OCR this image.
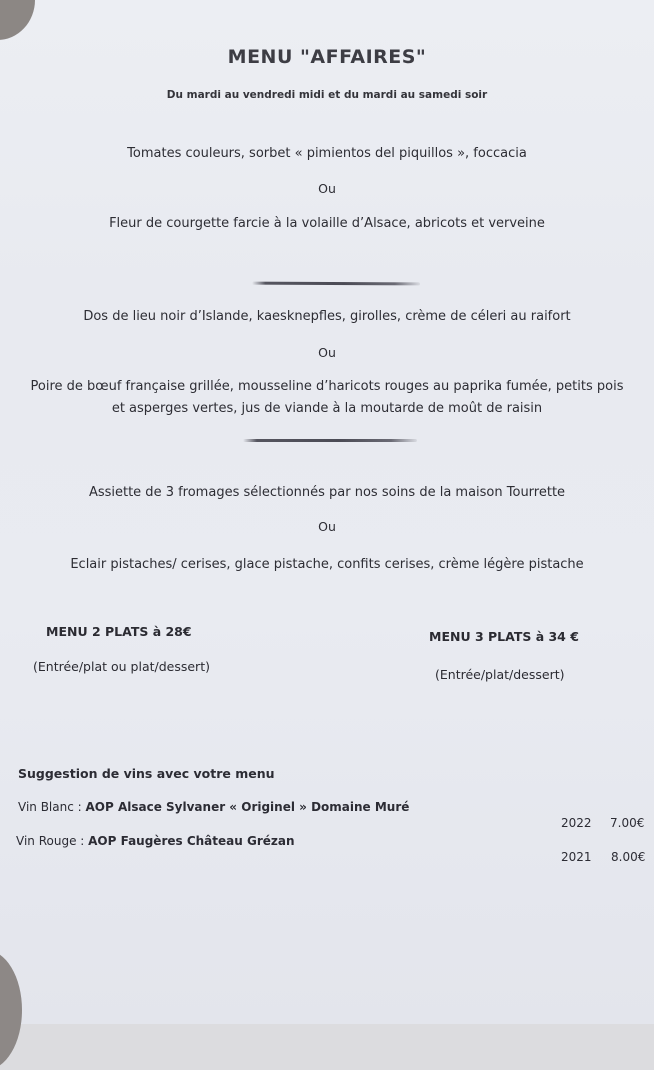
MENU "AFFAIRES"
Du mardi au vendredi midi et du mardi au samedi soir
Tomates couleurs, sorbet « pimientos del piquillos », foccacia
Ou
Fleur de courgette farcie à la volaille d’Alsace, abricots et verveine
Dos de lieu noir d’Islande, kaesknepfles, girolles, crème de céleri au raifort
Ou
Poire de bœuf française grillée, mousseline d’haricots rouges au paprika fumée, petits pois
et asperges vertes, jus de viande à la moutarde de moût de raisin
Assiette de 3 fromages sélectionnés par nos soins de la maison Tourrette
Ou
Eclair pistaches/ cerises, glace pistache, confits cerises, crème légère pistache
MENU 2 PLATS à 28€
(Entrée/plat ou plat/dessert)
MENU 3 PLATS à 34 €
(Entrée/plat/dessert)
Suggestion de vins avec votre menu
Vin Blanc : AOP Alsace Sylvaner « Originel » Domaine Muré
2022 7.00€
Vin Rouge : AOP Faugères Château Grézan
2021 8.00€
